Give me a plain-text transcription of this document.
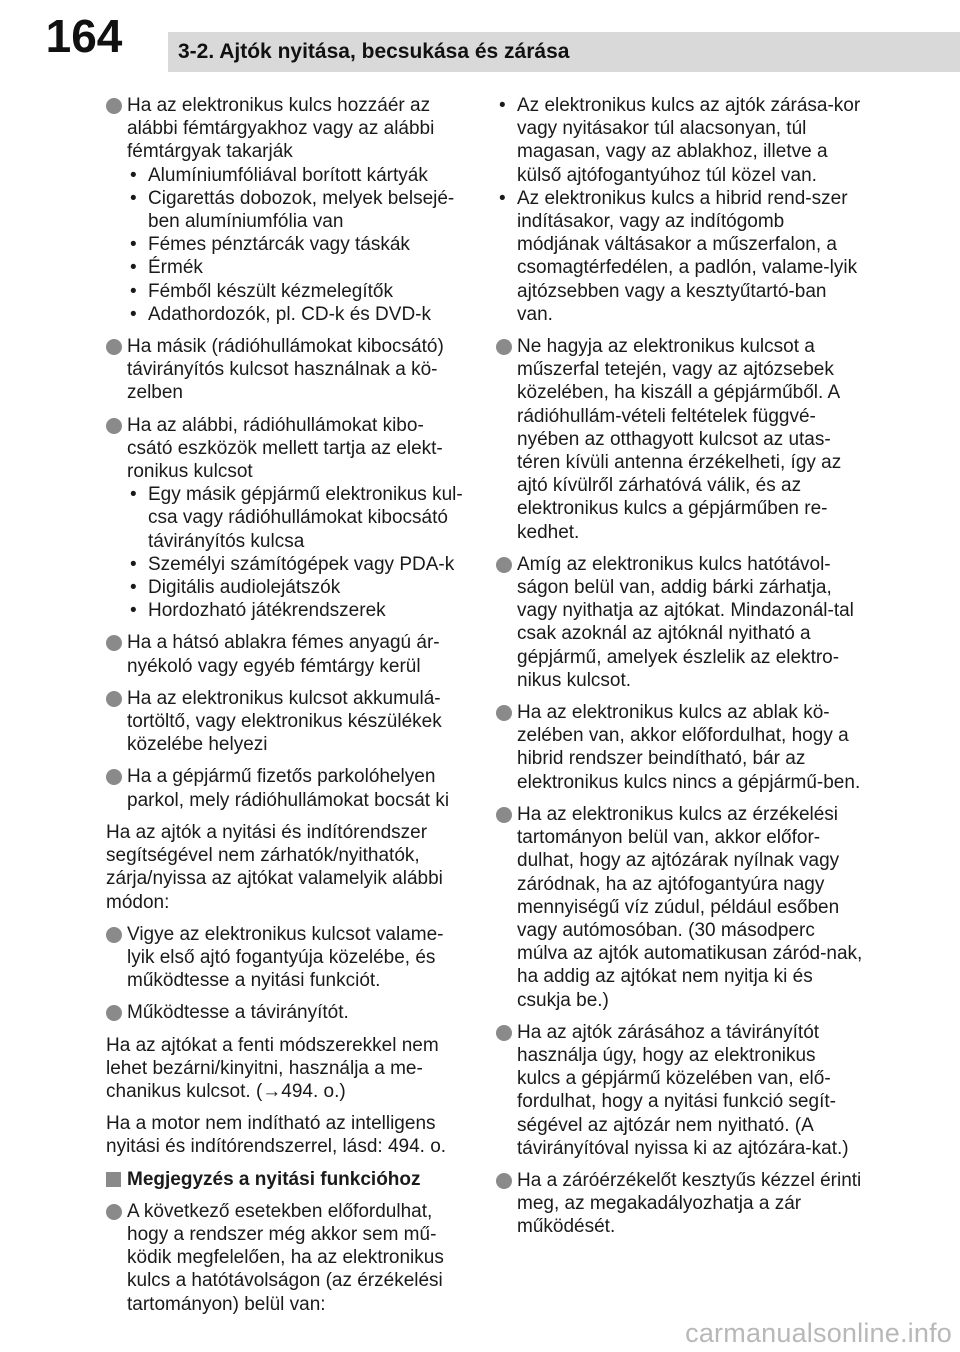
164	3-2. Ajtók nyitása, becsukása és zárása
Ha az elektronikus kulcs hozzáér az alábbi fémtárgyakhoz vagy az alábbi fémtárgyak takarják
• Alumíniumfóliával borított kártyák
• Cigarettás dobozok, melyek belsejé-ben alumíniumfólia van
• Fémes pénztárcák vagy táskák
• Érmék
• Fémből készült kézmelegítők
• Adathordozók, pl. CD-k és DVD-k
Ha másik (rádióhullámokat kibocsátó) távirányítós kulcsot használnak a kö-zelben
Ha az alábbi, rádióhullámokat kibo-csátó eszközök mellett tartja az elekt-ronikus kulcsot
• Egy másik gépjármű elektronikus kul-csa vagy rádióhullámokat kibocsátó távirányítós kulcsa
• Személyi számítógépek vagy PDA-k
• Digitális audiolejátszók
• Hordozható játékrendszerek
Ha a hátsó ablakra fémes anyagú ár-nyékoló vagy egyéb fémtárgy kerül
Ha az elektronikus kulcsot akkumulá-tortöltő, vagy elektronikus készülékek közelébe helyezi
Ha a gépjármű fizetős parkolóhelyen parkol, mely rádióhullámokat bocsát ki
Ha az ajtók a nyitási és indítórendszer segítségével nem zárhatók/nyithatók, zárja/nyissa az ajtókat valamelyik alábbi módon:
Vigye az elektronikus kulcsot valame-lyik első ajtó fogantyúja közelébe, és működtesse a nyitási funkciót.
Működtesse a távirányítót.
Ha az ajtókat a fenti módszerekkel nem lehet bezárni/kinyitni, használja a me-chanikus kulcsot. (→494. o.)
Ha a motor nem indítható az intelligens nyitási és indítórendszerrel, lásd: 494. o.
Megjegyzés a nyitási funkcióhoz
A következő esetekben előfordulhat, hogy a rendszer még akkor sem mű-ködik megfelelően, ha az elektronikus kulcs a hatótávolságon (az érzékelési tartományon) belül van:
• Az elektronikus kulcs az ajtók zárása-kor vagy nyitásakor túl alacsonyan, túl magasan, vagy az ablakhoz, illetve a külső ajtófogantyúhoz túl közel van.
• Az elektronikus kulcs a hibrid rend-szer indításakor, vagy az indítógomb módjának váltásakor a műszerfalon, a csomagtérfedélen, a padlón, valame-lyik ajtózsebben vagy a kesztyűtartó-ban van.
Ne hagyja az elektronikus kulcsot a műszerfal tetején, vagy az ajtózsebek közelében, ha kiszáll a gépjárműből. A rádióhullám-vételi feltételek függvé-nyében az otthagyott kulcsot az utas-téren kívüli antenna érzékelheti, így az ajtó kívülről zárhatóvá válik, és az elektronikus kulcs a gépjárműben re-kedhet.
Amíg az elektronikus kulcs hatótávol-ságon belül van, addig bárki zárhatja, vagy nyithatja az ajtókat. Mindazonál-tal csak azoknál az ajtóknál nyitható a gépjármű, amelyek észlelik az elektro-nikus kulcsot.
Ha az elektronikus kulcs az ablak kö-zelében van, akkor előfordulhat, hogy a hibrid rendszer beindítható, bár az elektronikus kulcs nincs a gépjármű-ben.
Ha az elektronikus kulcs az érzékelési tartományon belül van, akkor előfor-dulhat, hogy az ajtózárak nyílnak vagy záródnak, ha az ajtófogantyúra nagy mennyiségű víz zúdul, például esőben vagy autómosóban. (30 másodperc múlva az ajtók automatikusan záród-nak, ha addig az ajtókat nem nyitja ki és csukja be.)
Ha az ajtók zárásához a távirányítót használja úgy, hogy az elektronikus kulcs a gépjármű közelében van, elő-fordulhat, hogy a nyitási funkció segít-ségével az ajtózár nem nyitható. (A távirányítóval nyissa ki az ajtózára-kat.)
Ha a záróérzékelőt kesztyűs kézzel érinti meg, az megakadályozhatja a zár működését.
carmanualsonline.info
